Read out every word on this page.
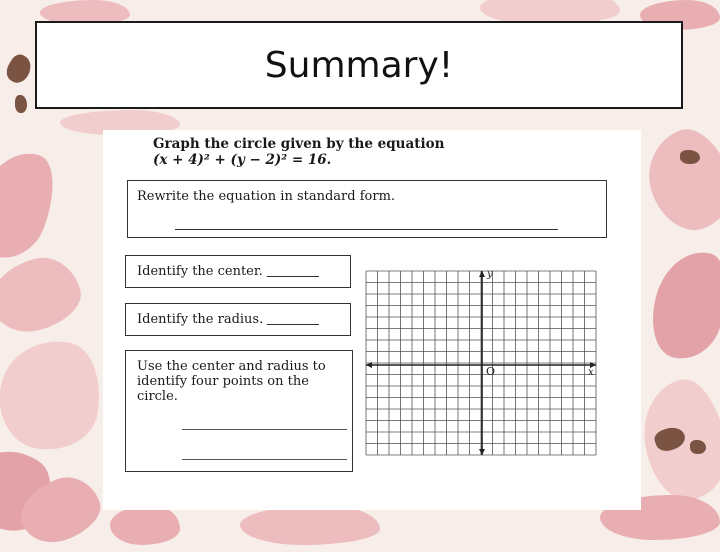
Summary!
Graph the circle given by the equation
(x + 4)² + (y − 2)² = 16.
Rewrite the equation in standard form.
Identify the center.
Identify the radius.
Use the center and radius to identify four points on the circle.
y
x
O
